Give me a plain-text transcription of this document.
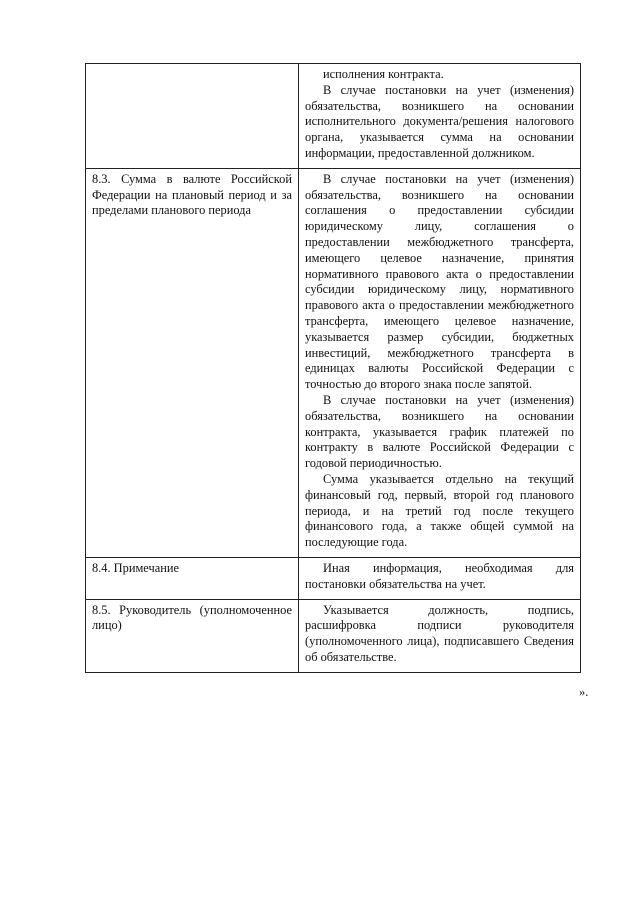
	исполнения контракта.

В случае постановки на учет (изменения) обязательства, возникшего на основании исполнительного документа/решения налогового органа, указывается сумма на основании информации, предоставленной должником.

8.3. Сумма в валюте Российской Федерации на плановый период и за пределами планового периода	В случае постановки на учет (изменения) обязательства, возникшего на основании соглашения о предоставлении субсидии юридическому лицу, соглашения о предоставлении межбюджетного трансферта, имеющего целевое назначение, принятия нормативного правового акта о предоставлении субсидии юридическому лицу, нормативного правового акта о предоставлении межбюджетного трансферта, имеющего целевое назначение, указывается размер субсидии, бюджетных инвестиций, межбюджетного трансферта в единицах валюты Российской Федерации с точностью до второго знака после запятой.

В случае постановки на учет (изменения) обязательства, возникшего на основании контракта, указывается график платежей по контракту в валюте Российской Федерации с годовой периодичностью.

Сумма указывается отдельно на текущий финансовый год, первый, второй год планового периода, и на третий год после текущего финансового года, а также общей суммой на последующие года.

8.4. Примечание	Иная информация, необходимая для постановки обязательства на учет.

8.5. Руководитель (уполномоченное лицо)	Указывается должность, подпись, расшифровка подписи руководителя (уполномоченного лица), подписавшего Сведения об обязательстве.

».
